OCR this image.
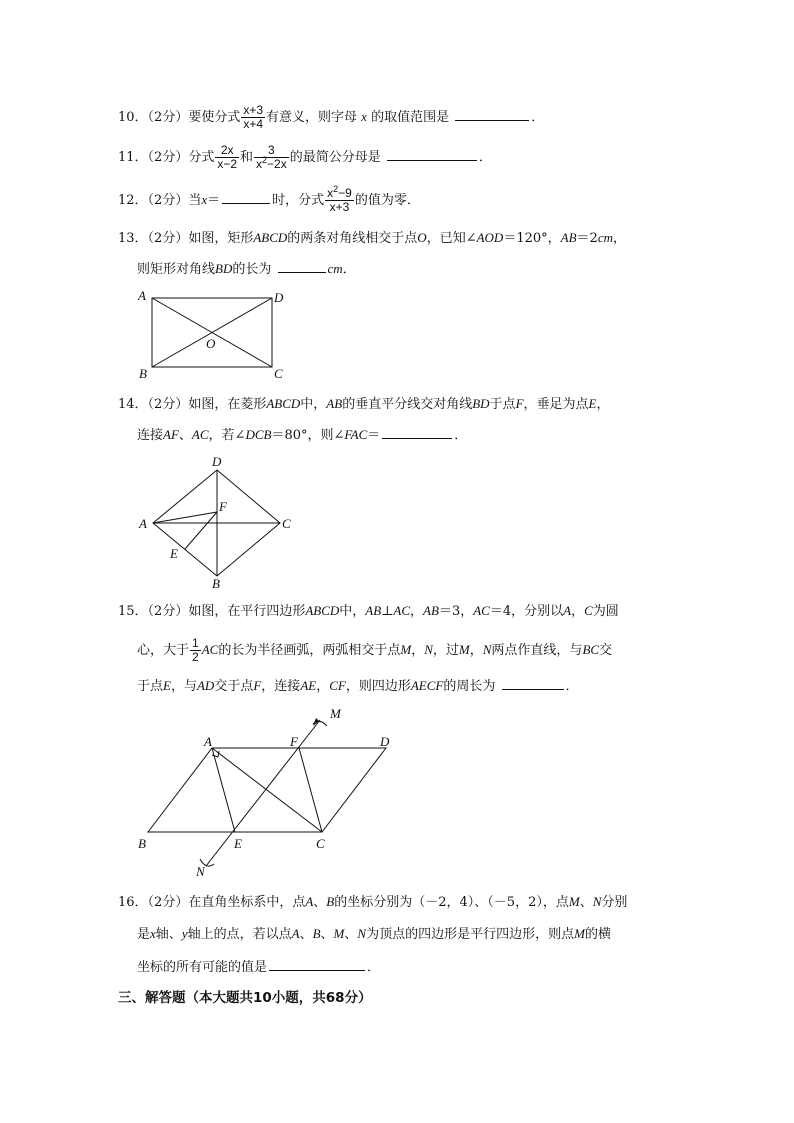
10．（2分）要使分式 $\frac{x+3}{x+4}$ 有意义，则字母 x 的取值范围是	．
11．（2分）分式 $\frac{2x}{x-2}$ 和 $\frac{3}{x^2-2x}$ 的最简公分母是	．
12．（2分）当x＝	时，分式 $\frac{x^2-9}{x+3}$ 的值为零．
13．（2分）如图，矩形ABCD的两条对角线相交于点O，已知∠AOD＝120°，AB＝2cm，
则矩形对角线BD的长为	cm．
A	D
O
B	C
14．（2分）如图，在菱形ABCD中，AB的垂直平分线交对角线BD于点F，垂足为点E，
连接AF、AC，若∠DCB＝80°，则∠FAC＝	．
D
A
F
C
E
B
15．（2分）如图，在平行四边形ABCD中，AB⊥AC，AB＝3，AC＝4，分别以A，C为圆
心，大于 $\frac{1}{2}$ AC的长为半径画弧，两弧相交于点M，N，过M，N两点作直线，与BC交
于点E，与AD交于点F，连接AE，CF，则四边形AECF的周长为	．
A	F	D
M
B	E	C
N
16．（2分）在直角坐标系中，点A、B的坐标分别为（－2，4）、（－5，2），点M、N分别
是x轴、y轴上的点，若以点A、B、M、N为顶点的四边形是平行四边形，则点M的横
坐标的所有可能的值是	．
三、解答题（本大题共10小题，共68分）
